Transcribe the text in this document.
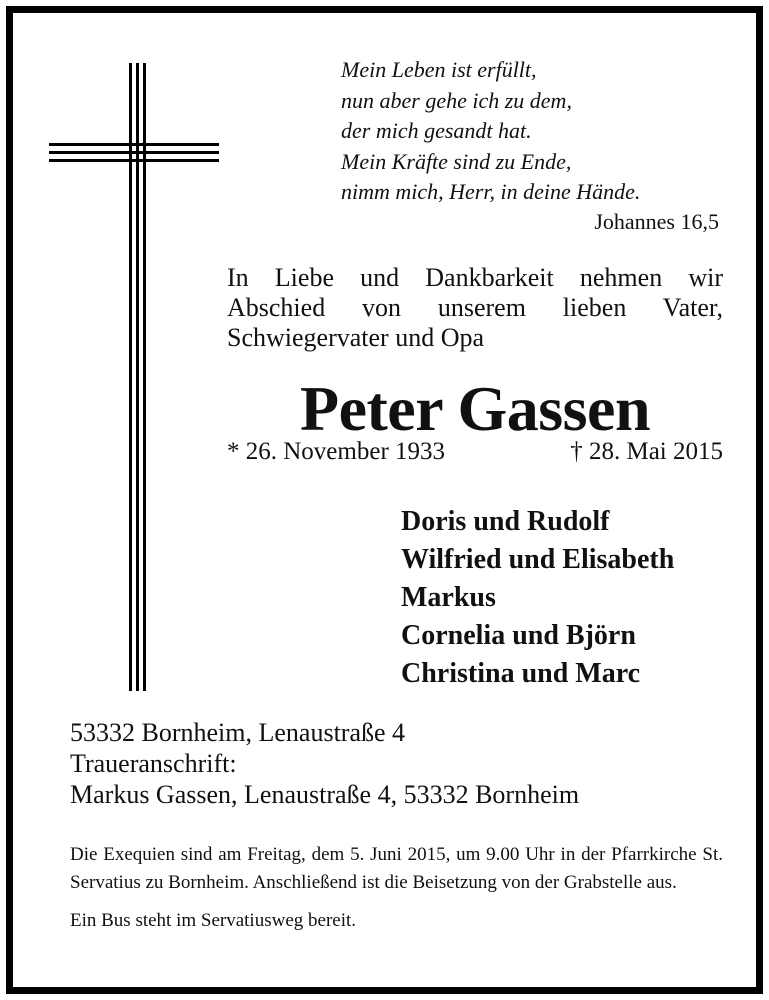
Mein Leben ist erfüllt,
nun aber gehe ich zu dem,
der mich gesandt hat.
Mein Kräfte sind zu Ende,
nimm mich, Herr, in deine Hände.
Johannes 16,5
In Liebe und Dankbarkeit nehmen wir
Abschied von unserem lieben Vater,
Schwiegervater und Opa
Peter Gassen
* 26. November 1933	† 28. Mai 2015
Doris und Rudolf
Wilfried und Elisabeth
Markus
Cornelia und Björn
Christina und Marc
53332 Bornheim, Lenaustraße 4
Traueranschrift:
Markus Gassen, Lenaustraße 4, 53332 Bornheim

Die Exequien sind am Freitag, dem 5. Juni 2015, um 9.00 Uhr in der Pfarrkirche St. Servatius zu Bornheim. Anschließend ist die Beisetzung von der Grabstelle aus.

Ein Bus steht im Servatiusweg bereit.
